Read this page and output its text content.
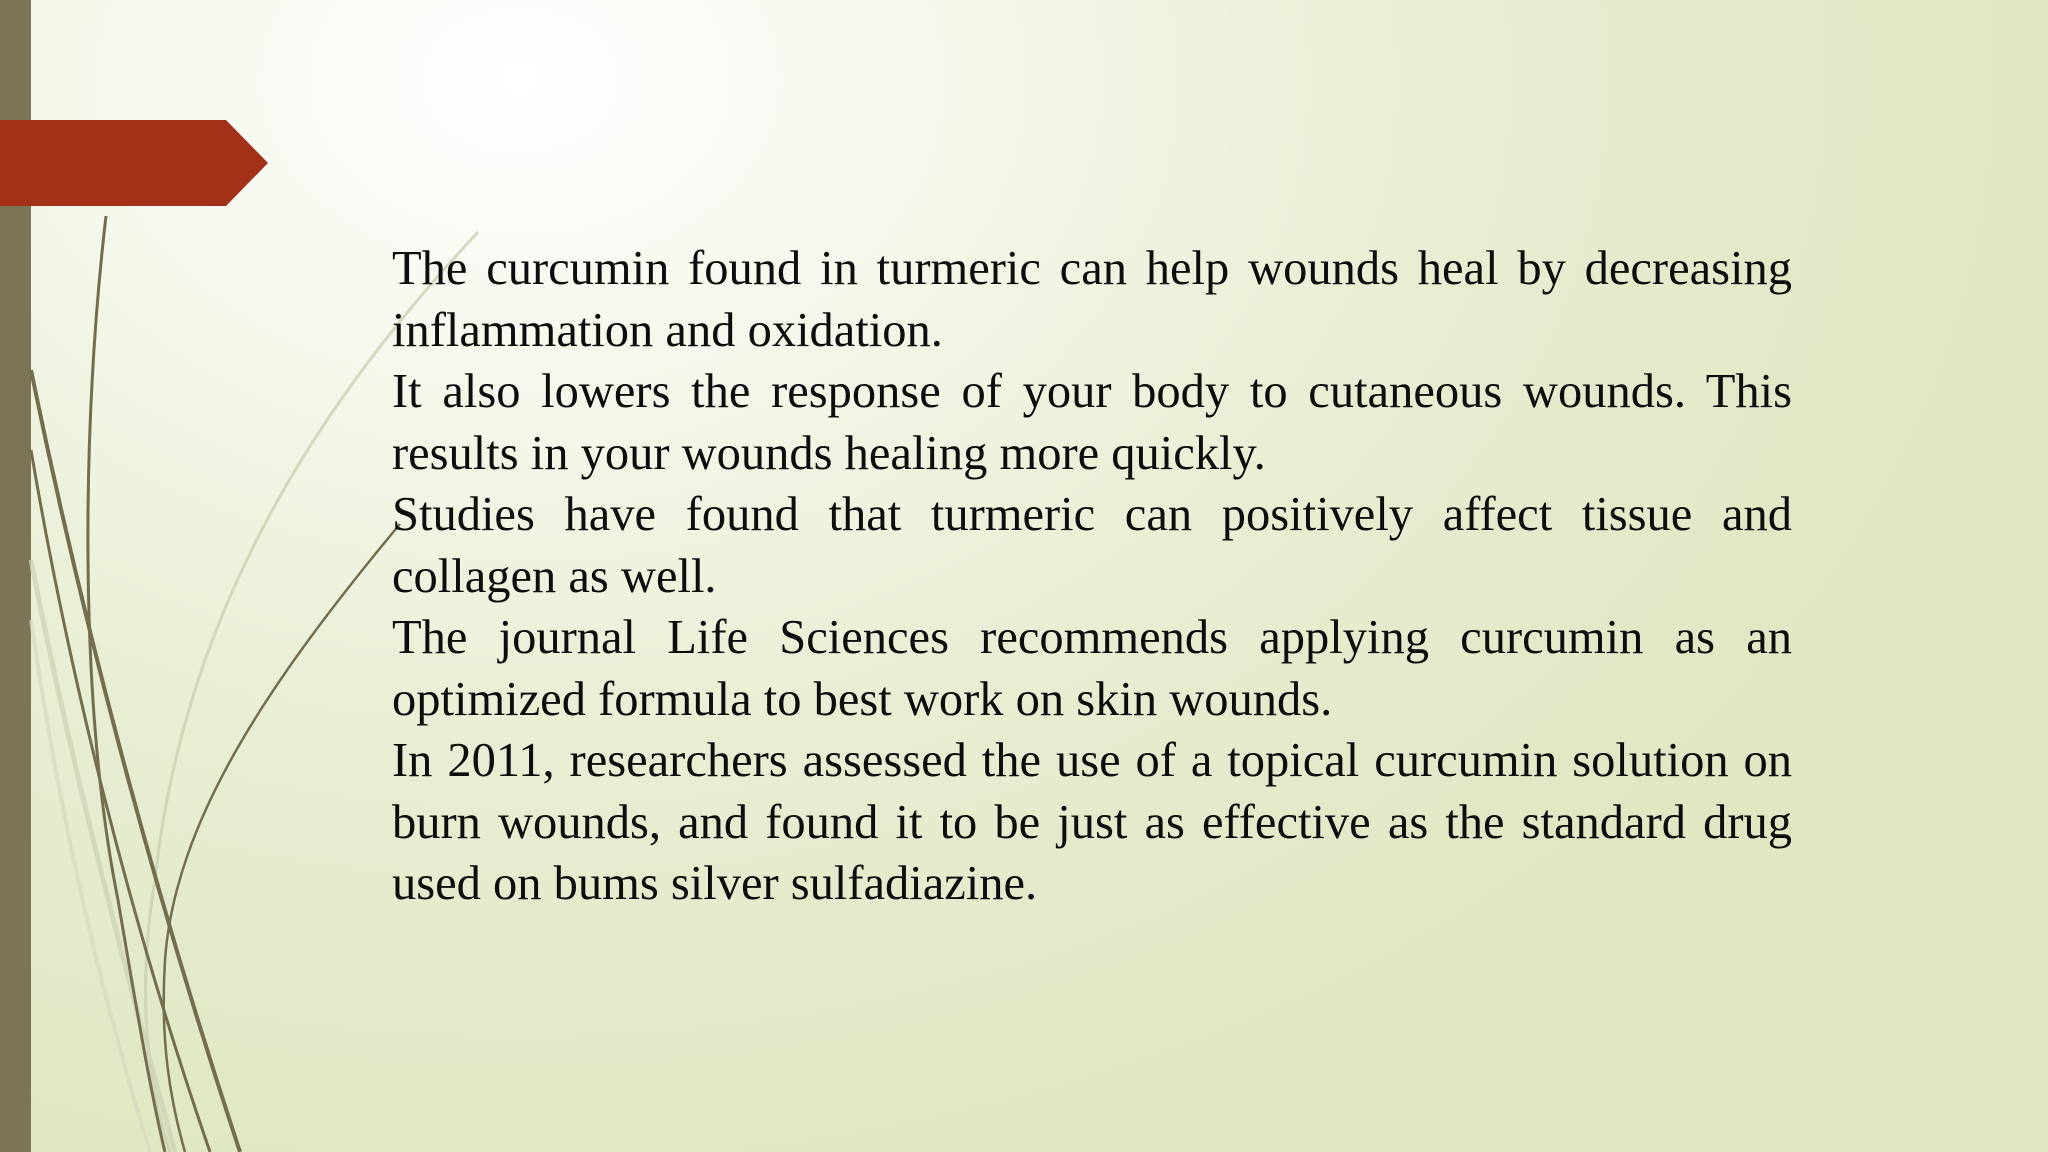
The curcumin found in turmeric can help wounds heal by decreasing inflammation and oxidation.
It also lowers the response of your body to cutaneous wounds. This results in your wounds healing more quickly.
Studies have found that turmeric can positively affect tissue and collagen as well.
The journal Life Sciences recommends applying curcumin as an optimized formula to best work on skin wounds.
In 2011, researchers assessed the use of a topical curcumin solution on burn wounds, and found it to be just as effective as the standard drug used on bums silver sulfadiazine.
